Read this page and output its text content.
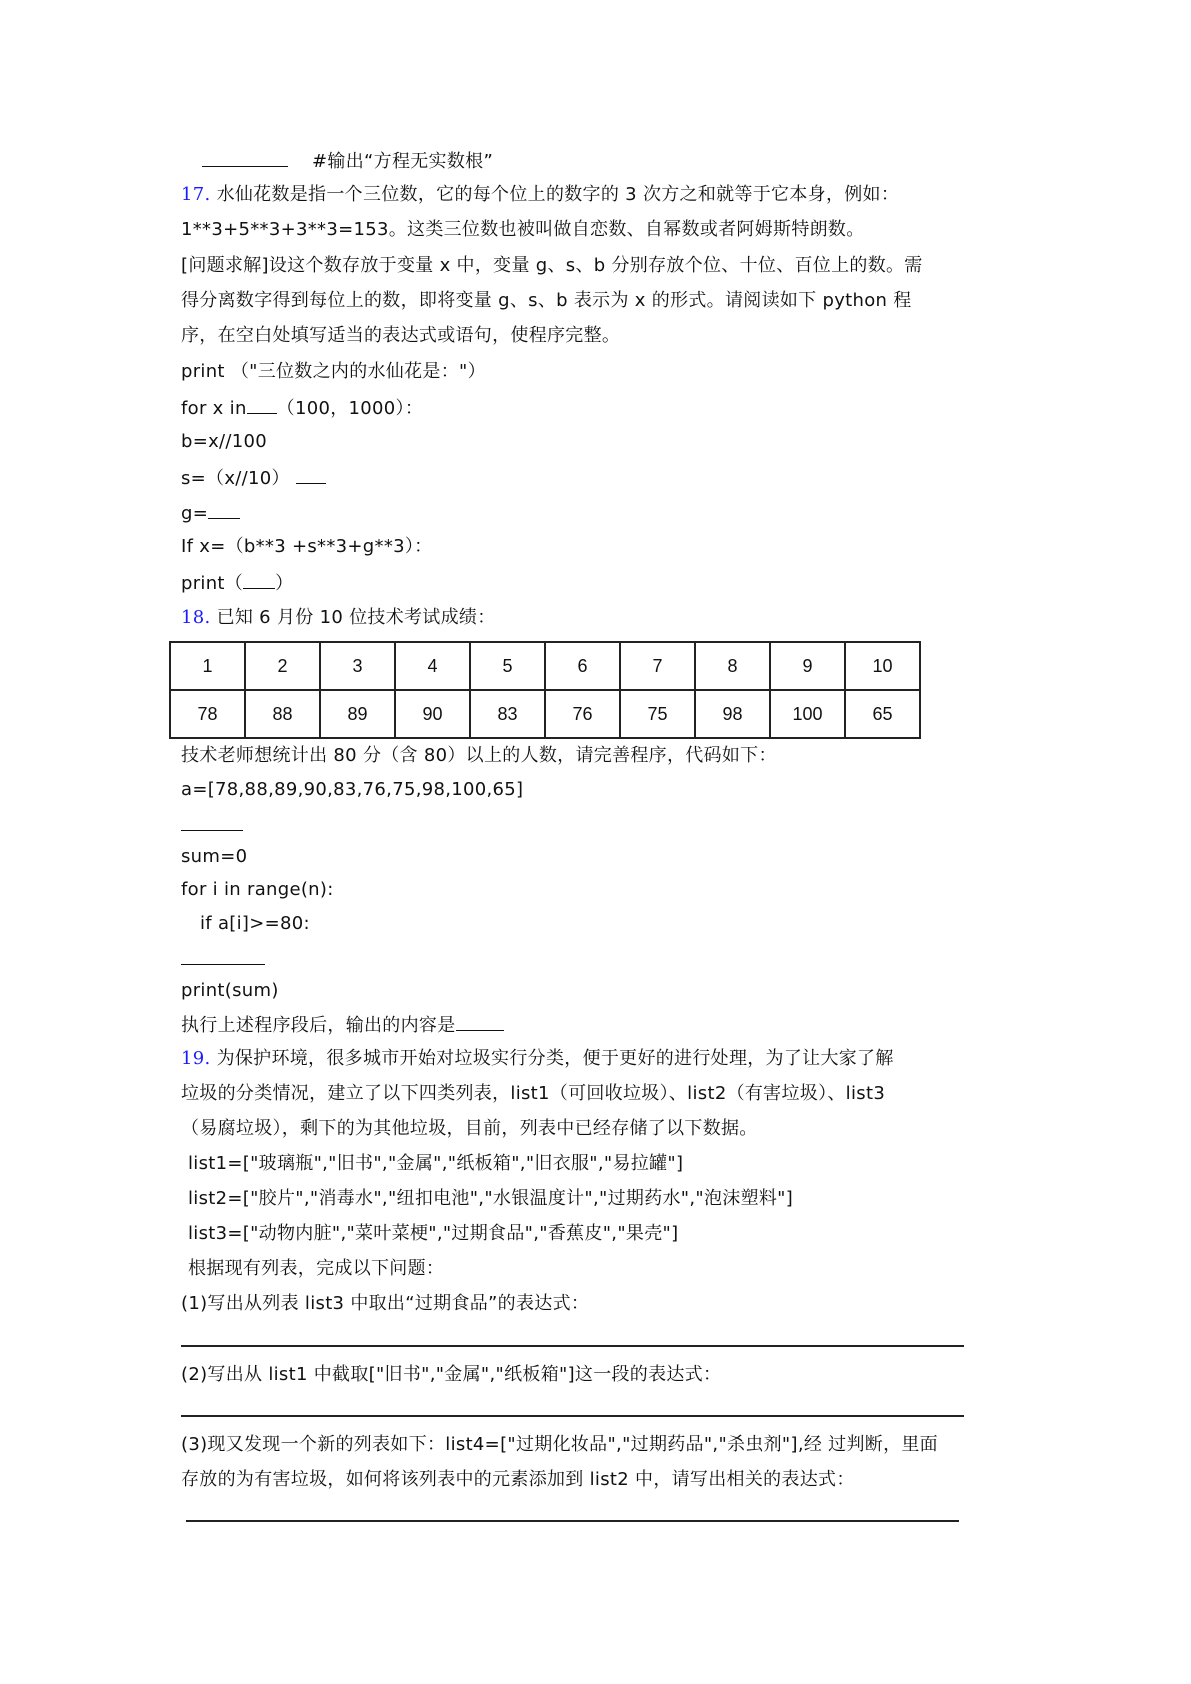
#输出“方程无实数根”
17. 水仙花数是指一个三位数，它的每个位上的数字的 3 次方之和就等于它本身，例如：
1**3+5**3+3**3=153。这类三位数也被叫做自恋数、自幂数或者阿姆斯特朗数。
[问题求解]设这个数存放于变量 x 中，变量 g、s、b 分别存放个位、十位、百位上的数。需
得分离数字得到每位上的数，即将变量 g、s、b 表示为 x 的形式。请阅读如下 python 程
序，在空白处填写适当的表达式或语句，使程序完整。
print （"三位数之内的水仙花是："）
for x in （100，1000）：
b=x//100
s=（x//10）
g=
If x=（b**3 +s**3+g**3）：
print（ ）
18. 已知 6 月份 10 位技术考试成绩：
1	2	3	4	5	6	7	8	9	10
78	88	89	90	83	76	75	98	100	65
技术老师想统计出 80 分（含 80）以上的人数，请完善程序，代码如下：
a=[78,88,89,90,83,76,75,98,100,65]
sum=0
for i in range(n):
if a[i]>=80:
print(sum)
执行上述程序段后，输出的内容是
19. 为保护环境，很多城市开始对垃圾实行分类，便于更好的进行处理，为了让大家了解
垃圾的分类情况，建立了以下四类列表，list1（可回收垃圾）、list2（有害垃圾）、list3
（易腐垃圾），剩下的为其他垃圾，目前，列表中已经存储了以下数据。
list1=["玻璃瓶","旧书","金属","纸板箱","旧衣服","易拉罐"]
list2=["胶片","消毒水","纽扣电池","水银温度计","过期药水","泡沫塑料"]
list3=["动物内脏","菜叶菜梗","过期食品","香蕉皮","果壳"]
根据现有列表，完成以下问题：
(1)写出从列表 list3 中取出“过期食品”的表达式：
(2)写出从 list1 中截取["旧书","金属","纸板箱"]这一段的表达式：
(3)现又发现一个新的列表如下：list4=["过期化妆品","过期药品","杀虫剂"],经 过判断，里面
存放的为有害垃圾，如何将该列表中的元素添加到 list2 中，请写出相关的表达式：
